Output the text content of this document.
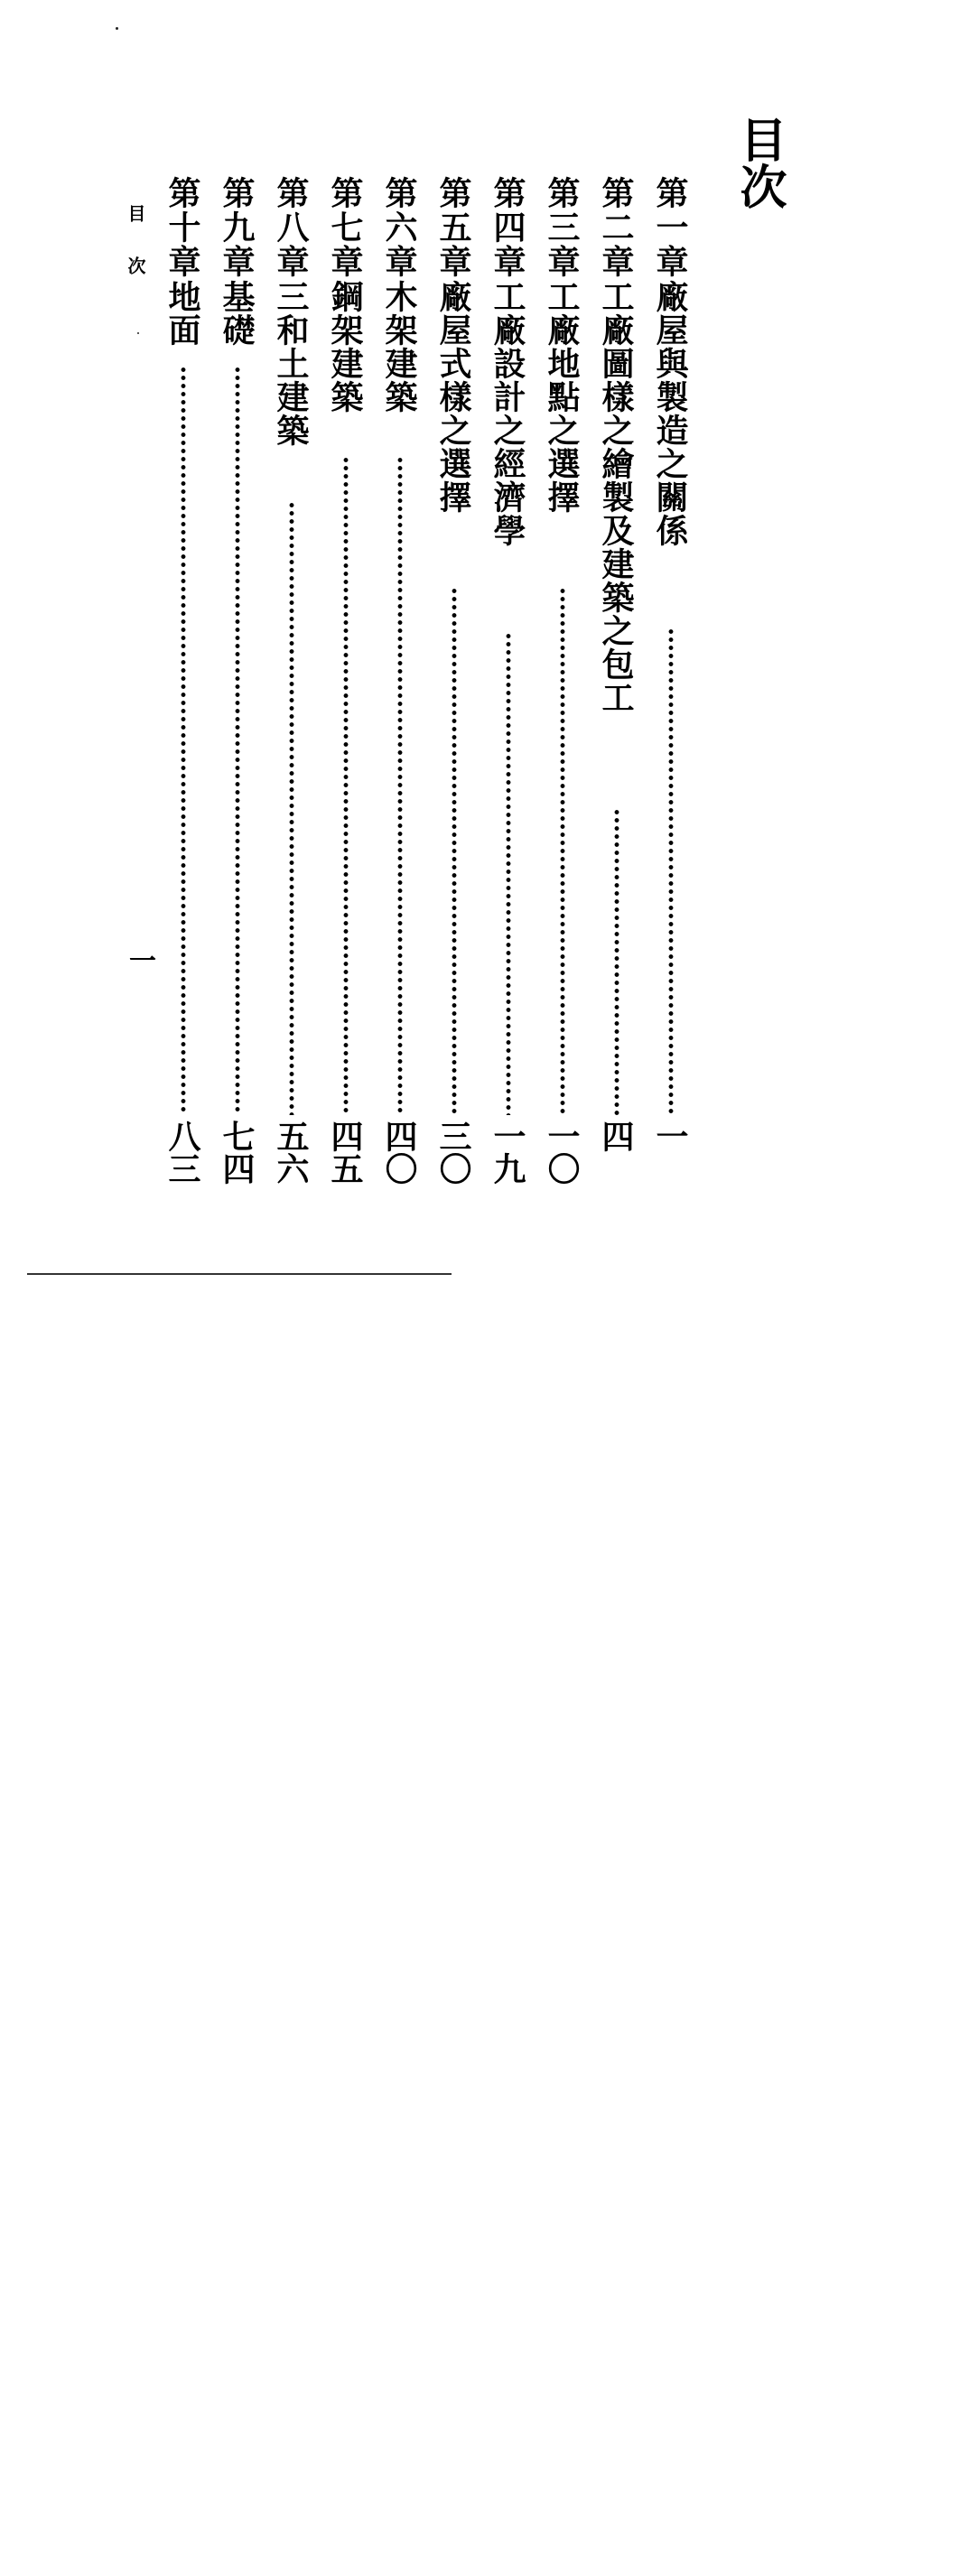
目次
第一章
廠屋與製造之關係
一
第二章
工廠圖樣之繪製及建築之包工
四
第三章
工廠地點之選擇
一〇
第四章
工廠設計之經濟學
一九
第五章
廠屋式樣之選擇
三〇
第六章
木架建築
四〇
第七章
鋼架建築
四五
第八章
三和土建築
五六
第九章
基礎
七四
第十章
地面
八三
目次
一
